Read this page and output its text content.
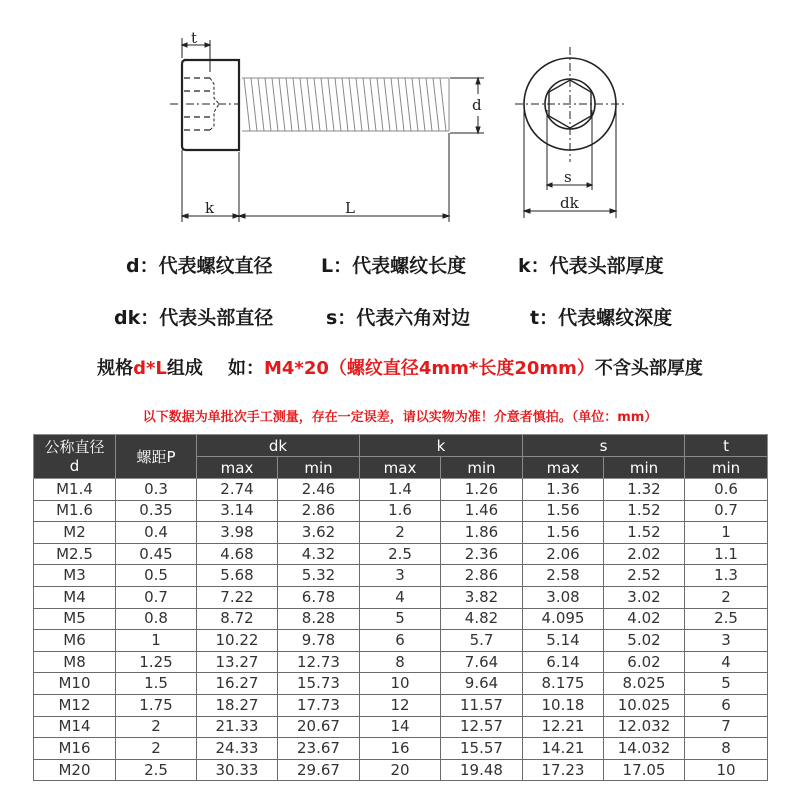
t
d
k	L
s
dk
d：代表螺纹直径	L：代表螺纹长度	k：代表头部厚度
dk：代表头部直径	s：代表六角对边	t：代表螺纹深度
规格d*L组成    如：M4*20（螺纹直径4mm*长度20mm）不含头部厚度
以下数据为单批次手工测量，存在一定误差，请以实物为准！介意者慎拍。（单位：mm）
公称直径
d	螺距P	dk		k		s		t
		max	min	max	min	max	min	min
M1.4	0.3	2.74	2.46	1.4	1.26	1.36	1.32	0.6
M1.6	0.35	3.14	2.86	1.6	1.46	1.56	1.52	0.7
M2	0.4	3.98	3.62	2	1.86	1.56	1.52	1
M2.5	0.45	4.68	4.32	2.5	2.36	2.06	2.02	1.1
M3	0.5	5.68	5.32	3	2.86	2.58	2.52	1.3
M4	0.7	7.22	6.78	4	3.82	3.08	3.02	2
M5	0.8	8.72	8.28	5	4.82	4.095	4.02	2.5
M6	1	10.22	9.78	6	5.7	5.14	5.02	3
M8	1.25	13.27	12.73	8	7.64	6.14	6.02	4
M10	1.5	16.27	15.73	10	9.64	8.175	8.025	5
M12	1.75	18.27	17.73	12	11.57	10.18	10.025	6
M14	2	21.33	20.67	14	12.57	12.21	12.032	7
M16	2	24.33	23.67	16	15.57	14.21	14.032	8
M20	2.5	30.33	29.67	20	19.48	17.23	17.05	10
